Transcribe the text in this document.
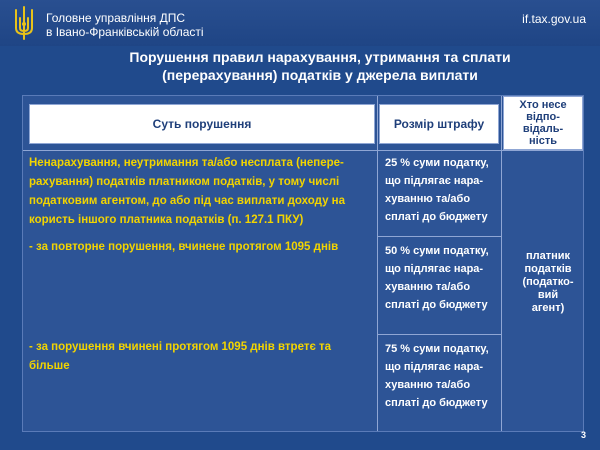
Головне управління ДПС
в Івано-Франківській області
if.tax.gov.ua
Порушення правил нарахування, утримання та сплати
(перерахування) податків у джерела виплати
Суть порушення	Розмір штрафу
Хто несе
відпо-
відаль-
ність
Ненарахування, неутримання та/або несплата (непере-
рахування) податків платником податків, у тому числі
податковим агентом, до або під час виплати доходу на
користь іншого платника податків (п. 127.1 ПКУ)
- за повторне порушення, вчинене протягом 1095 днів
- за порушення вчинені протягом 1095 днів втретє та
більше
25 % суми податку,
що підлягає нара-
хуванню та/або
сплаті до бюджету
50 % суми податку,
що підлягає нара-
хуванню та/або
сплаті до бюджету
75 % суми податку,
що підлягає нара-
хуванню та/або
сплаті до бюджету
платник
податків
(податко-
вий
агент)
3
